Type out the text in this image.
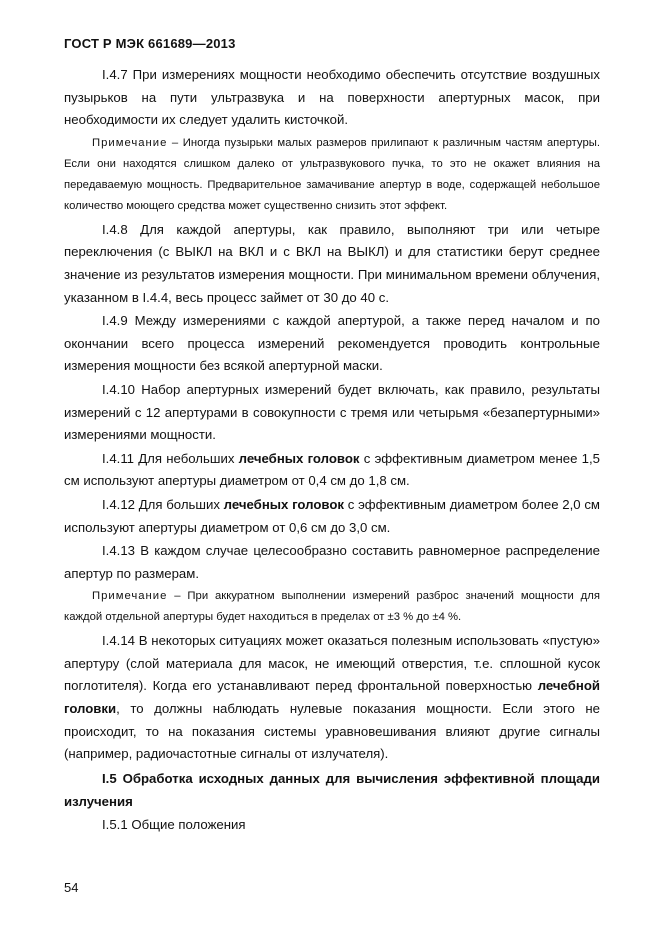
ГОСТ Р МЭК 661689—2013

I.4.7 При измерениях мощности необходимо обеспечить отсутствие воздушных пузырьков на пути ультразвука и на поверхности апертурных масок, при необходимости их следует удалить кисточкой.

Примечание – Иногда пузырьки малых размеров прилипают к различным частям апертуры. Если они находятся слишком далеко от ультразвукового пучка, то это не окажет влияния на передаваемую мощность. Предварительное замачивание апертур в воде, содержащей небольшое количество моющего средства может существенно снизить этот эффект.

I.4.8 Для каждой апертуры, как правило, выполняют три или четыре переключения (с ВЫКЛ на ВКЛ и с ВКЛ на ВЫКЛ) и для статистики берут среднее значение из результатов измерения мощности. При минимальном времени облучения, указанном в I.4.4, весь процесс займет от 30 до 40 с.

I.4.9 Между измерениями с каждой апертурой, а также перед началом и по окончании всего процесса измерений рекомендуется проводить контрольные измерения мощности без всякой апертурной маски.

I.4.10 Набор апертурных измерений будет включать, как правило, результаты измерений с 12 апертурами в совокупности с тремя или четырьмя «безапертурными» измерениями мощности.

I.4.11 Для небольших лечебных головок с эффективным диаметром менее 1,5 см используют апертуры диаметром от 0,4 см до 1,8 см.

I.4.12 Для больших лечебных головок с эффективным диаметром более 2,0 см используют апертуры диаметром от 0,6 см до 3,0 см.

I.4.13 В каждом случае целесообразно составить равномерное распределение апертур по размерам.

Примечание – При аккуратном выполнении измерений разброс значений мощности для каждой отдельной апертуры будет находиться в пределах от ±3 % до ±4 %.

I.4.14 В некоторых ситуациях может оказаться полезным использовать «пустую» апертуру (слой материала для масок, не имеющий отверстия, т.е. сплошной кусок поглотителя). Когда его устанавливают перед фронтальной поверхностью лечебной головки, то должны наблюдать нулевые показания мощности. Если этого не происходит, то на показания системы уравновешивания влияют другие сигналы (например, радиочастотные сигналы от излучателя).

I.5 Обработка исходных данных для вычисления эффективной площади излучения

I.5.1 Общие положения

54
